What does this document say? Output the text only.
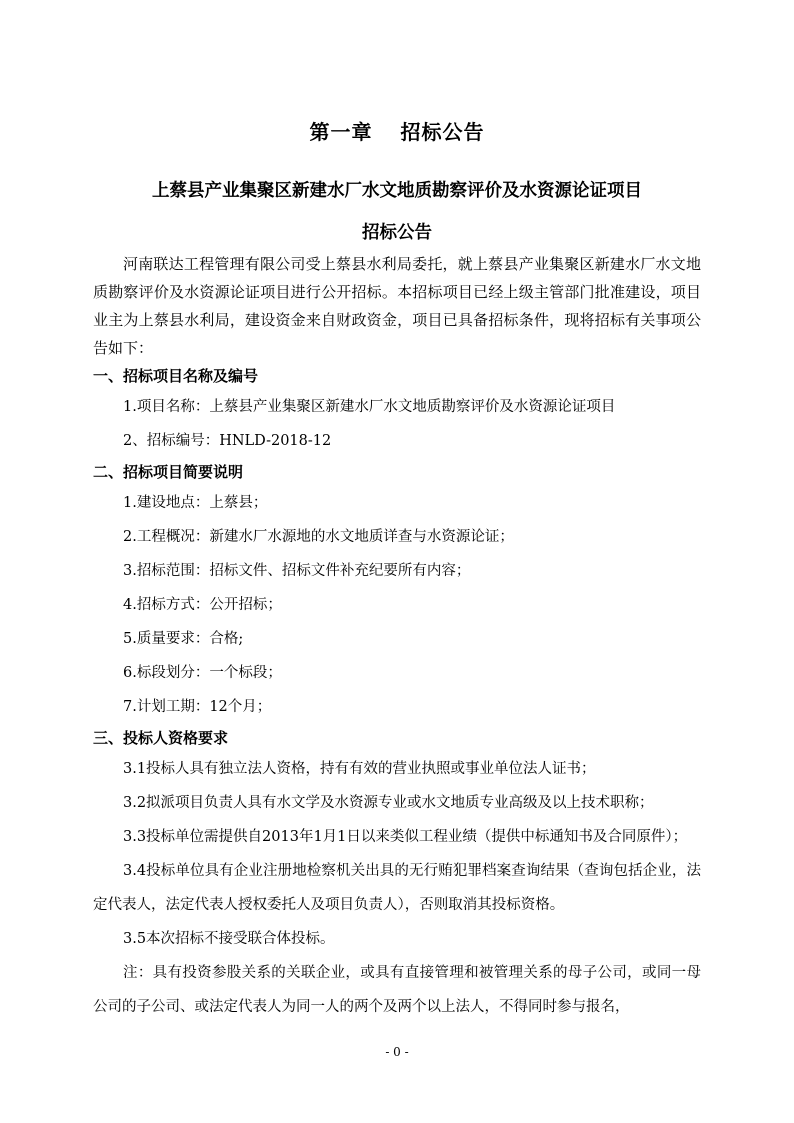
第一章 招标公告
上蔡县产业集聚区新建水厂水文地质勘察评价及水资源论证项目
招标公告

河南联达工程管理有限公司受上蔡县水利局委托，就上蔡县产业集聚区新建水厂水文地质勘察评价及水资源论证项目进行公开招标。本招标项目已经上级主管部门批准建设，项目业主为上蔡县水利局，建设资金来自财政资金，项目已具备招标条件，现将招标有关事项公告如下：

一、招标项目名称及编号

1.项目名称：上蔡县产业集聚区新建水厂水文地质勘察评价及水资源论证项目

2、招标编号：HNLD-2018-12

二、招标项目简要说明

1.建设地点：上蔡县；

2.工程概况：新建水厂水源地的水文地质详查与水资源论证；

3.招标范围：招标文件、招标文件补充纪要所有内容；

4.招标方式：公开招标；

5.质量要求：合格;

6.标段划分：一个标段；

7.计划工期：12个月；

三、投标人资格要求

3.1投标人具有独立法人资格，持有有效的营业执照或事业单位法人证书；

3.2拟派项目负责人具有水文学及水资源专业或水文地质专业高级及以上技术职称；

3.3投标单位需提供自2013年1月1日以来类似工程业绩（提供中标通知书及合同原件）；

3.4投标单位具有企业注册地检察机关出具的无行贿犯罪档案查询结果（查询包括企业，法定代表人，法定代表人授权委托人及项目负责人），否则取消其投标资格。

3.5本次招标不接受联合体投标。

注：具有投资参股关系的关联企业，或具有直接管理和被管理关系的母子公司，或同一母公司的子公司、或法定代表人为同一人的两个及两个以上法人，不得同时参与报名，

- 0 -
